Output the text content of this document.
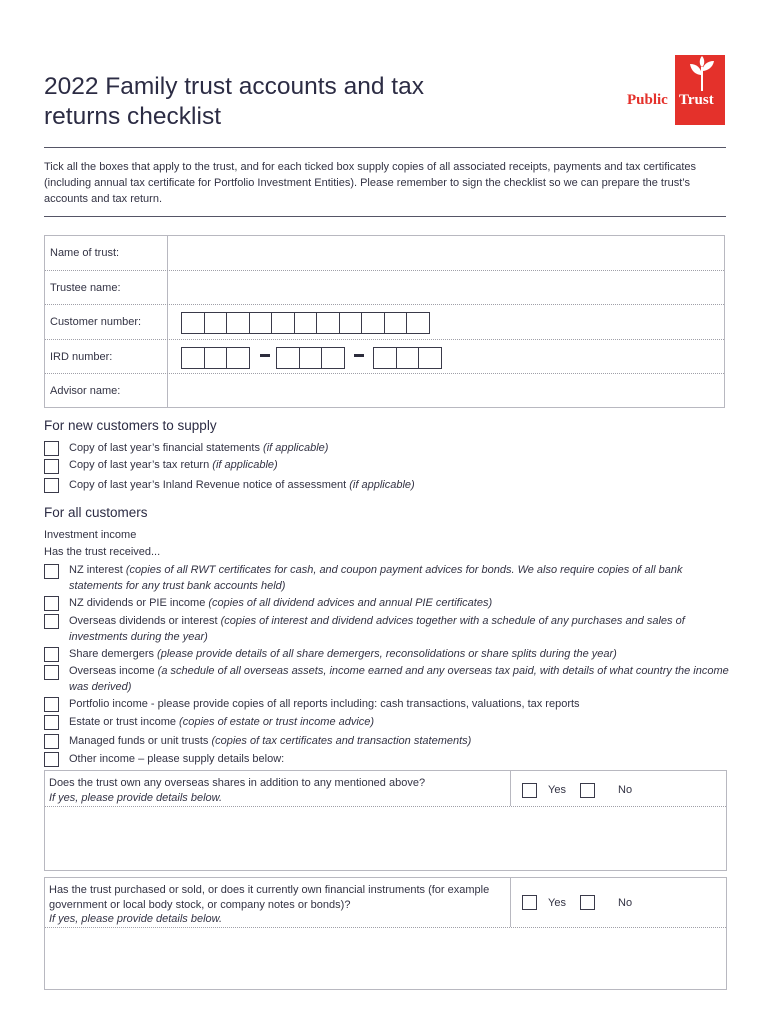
2022 Family trust accounts and tax
returns checklist
Public Trust

Tick all the boxes that apply to the trust, and for each ticked box supply copies of all associated receipts, payments and tax certificates (including annual tax certificate for Portfolio Investment Entities). Please remember to sign the checklist so we can prepare the trust’s accounts and tax return.

Name of trust:
Trustee name:
Customer number:
IRD number:
Advisor name:
For new customers to supply
Copy of last year’s financial statements (if applicable)
Copy of last year’s tax return (if applicable)
Copy of last year’s Inland Revenue notice of assessment (if applicable)
For all customers
Investment income
Has the trust received...
NZ interest (copies of all RWT certificates for cash, and coupon payment advices for bonds. We also require copies of all bank statements for any trust bank accounts held)
NZ dividends or PIE income (copies of all dividend advices and annual PIE certificates)
Overseas dividends or interest (copies of interest and dividend advices together with a schedule of any purchases and sales of investments during the year)
Share demergers (please provide details of all share demergers, reconsolidations or share splits during the year)
Overseas income (a schedule of all overseas assets, income earned and any overseas tax paid, with details of what country the income was derived)
Portfolio income - please provide copies of all reports including: cash transactions, valuations, tax reports
Estate or trust income (copies of estate or trust income advice)
Managed funds or unit trusts (copies of tax certificates and transaction statements)
Other income – please supply details below:
Does the trust own any overseas shares in addition to any mentioned above?
If yes, please provide details below.
Yes	No
Has the trust purchased or sold, or does it currently own financial instruments (for example government or local body stock, or company notes or bonds)?
If yes, please provide details below.
Yes	No
